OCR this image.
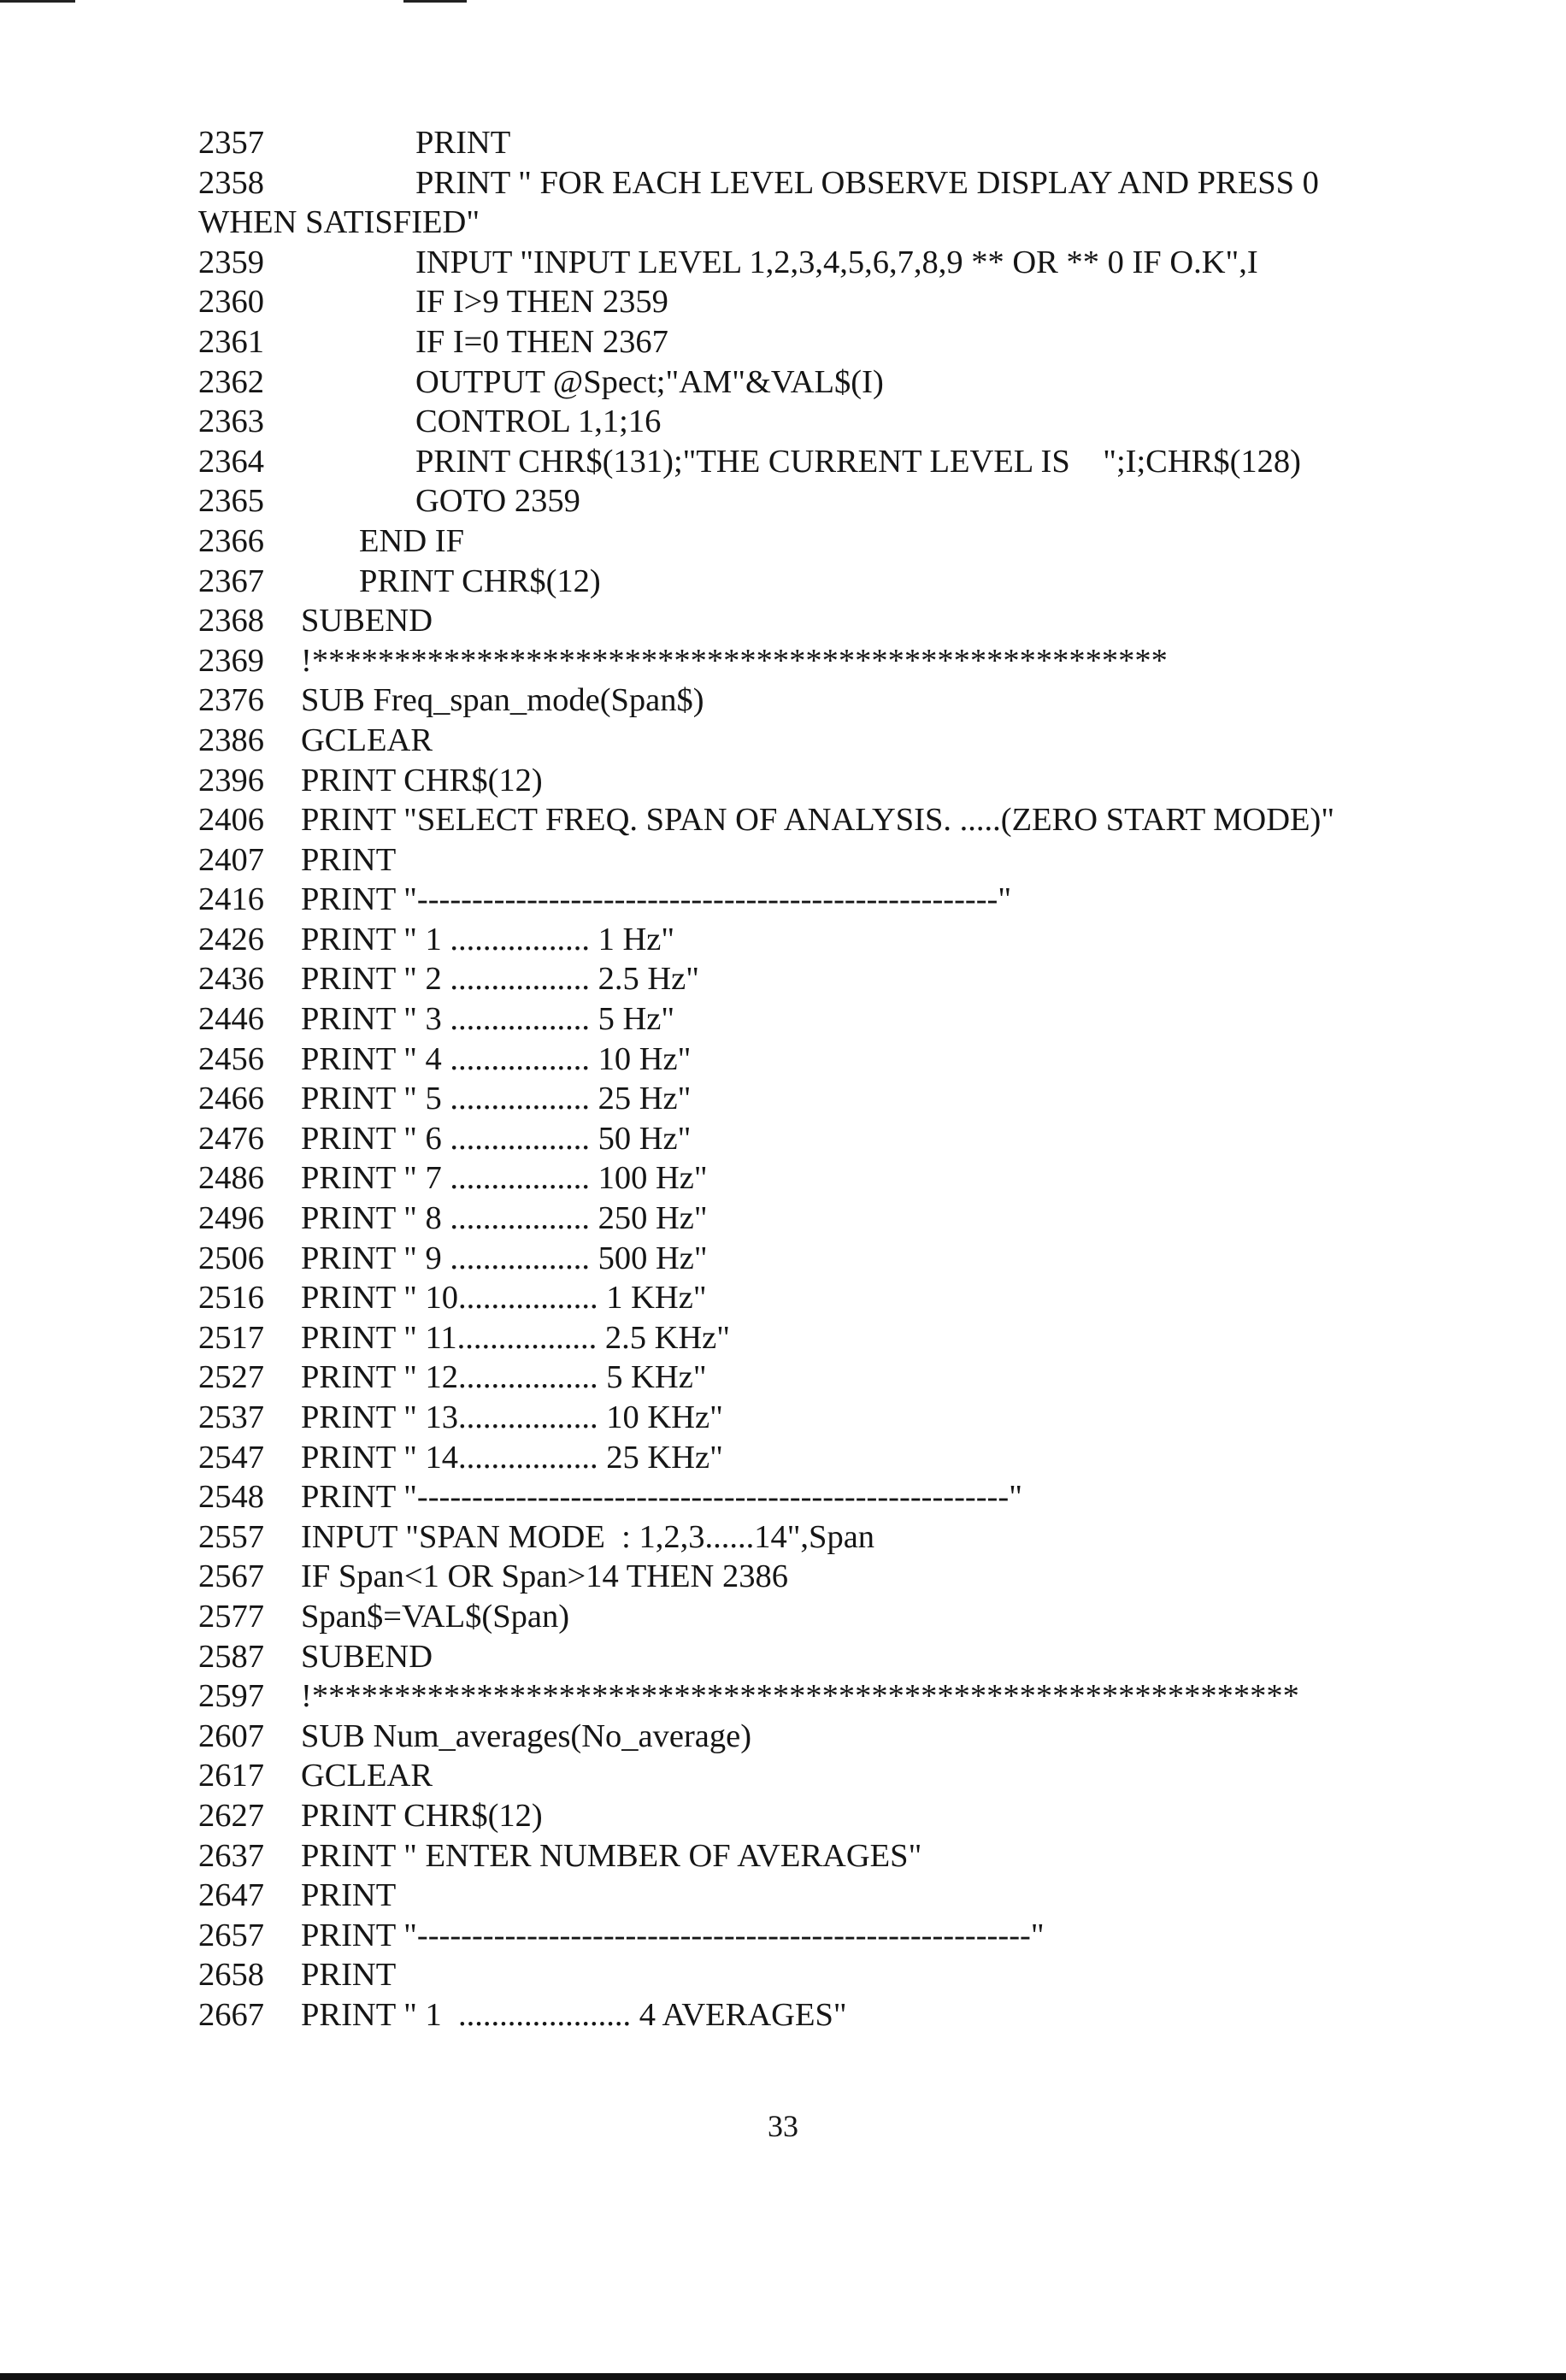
2357	PRINT
2358	PRINT " FOR EACH LEVEL OBSERVE DISPLAY AND PRESS 0
WHEN SATISFIED"
2359	INPUT "INPUT LEVEL 1,2,3,4,5,6,7,8,9 ** OR ** 0 IF O.K",I
2360	IF I>9 THEN 2359
2361	IF I=0 THEN 2367
2362	OUTPUT @Spect;"AM"&VAL$(I)
2363	CONTROL 1,1;16
2364	PRINT CHR$(131);"THE CURRENT LEVEL IS    ";I;CHR$(128)
2365	GOTO 2359
2366	END IF
2367	PRINT CHR$(12)
2368	SUBEND
2369	!****************************************************
2376	SUB Freq_span_mode(Span$)
2386	GCLEAR
2396	PRINT CHR$(12)
2406	PRINT "SELECT FREQ. SPAN OF ANALYSIS. .....(ZERO START MODE)"
2407	PRINT
2416	PRINT "-----------------------------------------------------"
2426	PRINT " 1 ................. 1 Hz"
2436	PRINT " 2 ................. 2.5 Hz"
2446	PRINT " 3 ................. 5 Hz"
2456	PRINT " 4 ................. 10 Hz"
2466	PRINT " 5 ................. 25 Hz"
2476	PRINT " 6 ................. 50 Hz"
2486	PRINT " 7 ................. 100 Hz"
2496	PRINT " 8 ................. 250 Hz"
2506	PRINT " 9 ................. 500 Hz"
2516	PRINT " 10................. 1 KHz"
2517	PRINT " 11................. 2.5 KHz"
2527	PRINT " 12................. 5 KHz"
2537	PRINT " 13................. 10 KHz"
2547	PRINT " 14................. 25 KHz"
2548	PRINT "------------------------------------------------------"
2557	INPUT "SPAN MODE  : 1,2,3......14",Span
2567	IF Span<1 OR Span>14 THEN 2386
2577	Span$=VAL$(Span)
2587	SUBEND
2597	!************************************************************
2607	SUB Num_averages(No_average)
2617	GCLEAR
2627	PRINT CHR$(12)
2637	PRINT " ENTER NUMBER OF AVERAGES"
2647	PRINT
2657	PRINT "--------------------------------------------------------"
2658	PRINT
2667	PRINT " 1  ..................... 4 AVERAGES"
33
